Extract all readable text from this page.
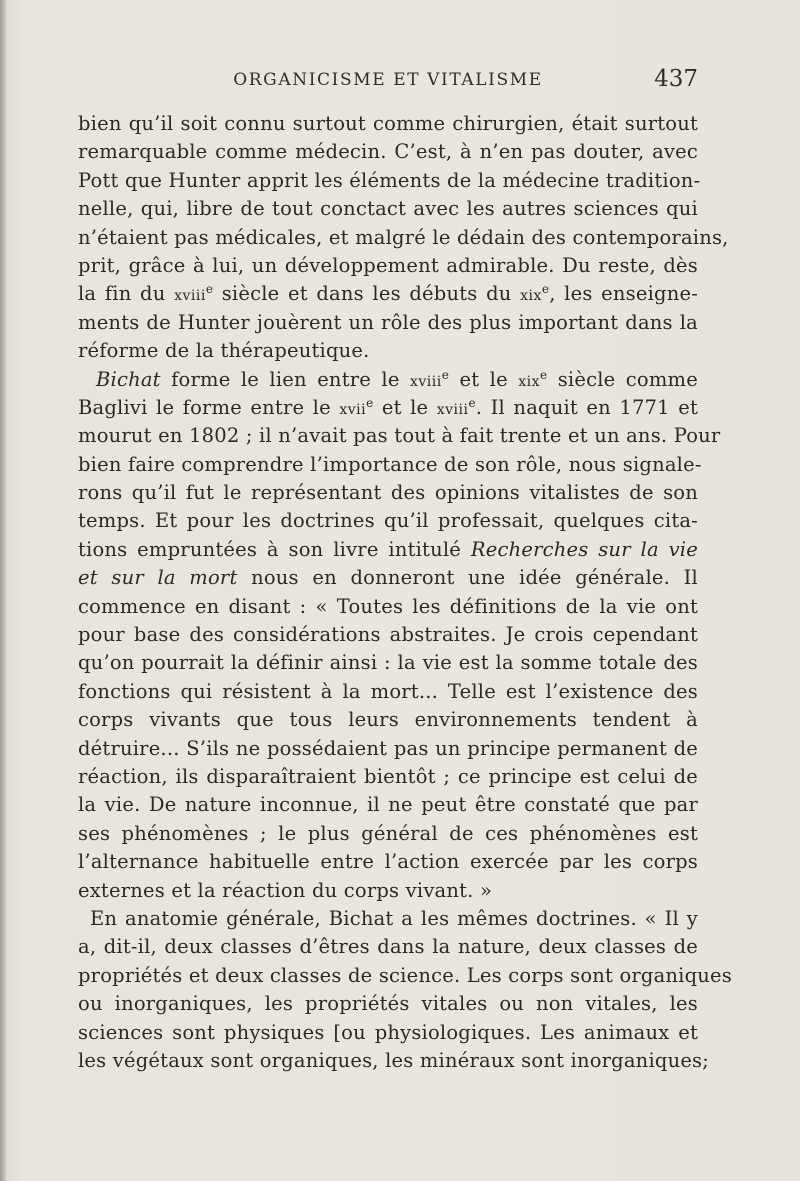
ORGANICISME ET VITALISME	437
bien qu’il soit connu surtout comme chirurgien, était surtout
remarquable comme médecin. C’est, à n’en pas douter, avec
Pott que Hunter apprit les éléments de la médecine tradition-
nelle, qui, libre de tout conctact avec les autres sciences qui
n’étaient pas médicales, et malgré le dédain des contemporains,
prit, grâce à lui, un développement admirable. Du reste, dès
la fin du xviii$^e$ siècle et dans les débuts du xix$^e$, les enseigne-
ments de Hunter jouèrent un rôle des plus important dans la
réforme de la thérapeutique.
Bichat forme le lien entre le xviii$^e$ et le xix$^e$ siècle comme
Baglivi le forme entre le xvii$^e$ et le xviii$^e$. Il naquit en 1771 et
mourut en 1802 ; il n’avait pas tout à fait trente et un ans. Pour
bien faire comprendre l’importance de son rôle, nous signale-
rons qu’il fut le représentant des opinions vitalistes de son
temps. Et pour les doctrines qu’il professait, quelques cita-
tions empruntées à son livre intitulé Recherches sur la vie
et sur la mort nous en donneront une idée générale. Il
commence en disant : « Toutes les définitions de la vie ont
pour base des considérations abstraites. Je crois cependant
qu’on pourrait la définir ainsi : la vie est la somme totale des
fonctions qui résistent à la mort... Telle est l’existence des
corps vivants que tous leurs environnements tendent à
détruire... S’ils ne possédaient pas un principe permanent de
réaction, ils disparaîtraient bientôt ; ce principe est celui de
la vie. De nature inconnue, il ne peut être constaté que par
ses phénomènes ; le plus général de ces phénomènes est
l’alternance habituelle entre l’action exercée par les corps
externes et la réaction du corps vivant. »
En anatomie générale, Bichat a les mêmes doctrines. « Il y
a, dit-il, deux classes d’êtres dans la nature, deux classes de
propriétés et deux classes de science. Les corps sont organiques
ou inorganiques, les propriétés vitales ou non vitales, les
sciences sont physiques [ou physiologiques. Les animaux et
les végétaux sont organiques, les minéraux sont inorganiques;
